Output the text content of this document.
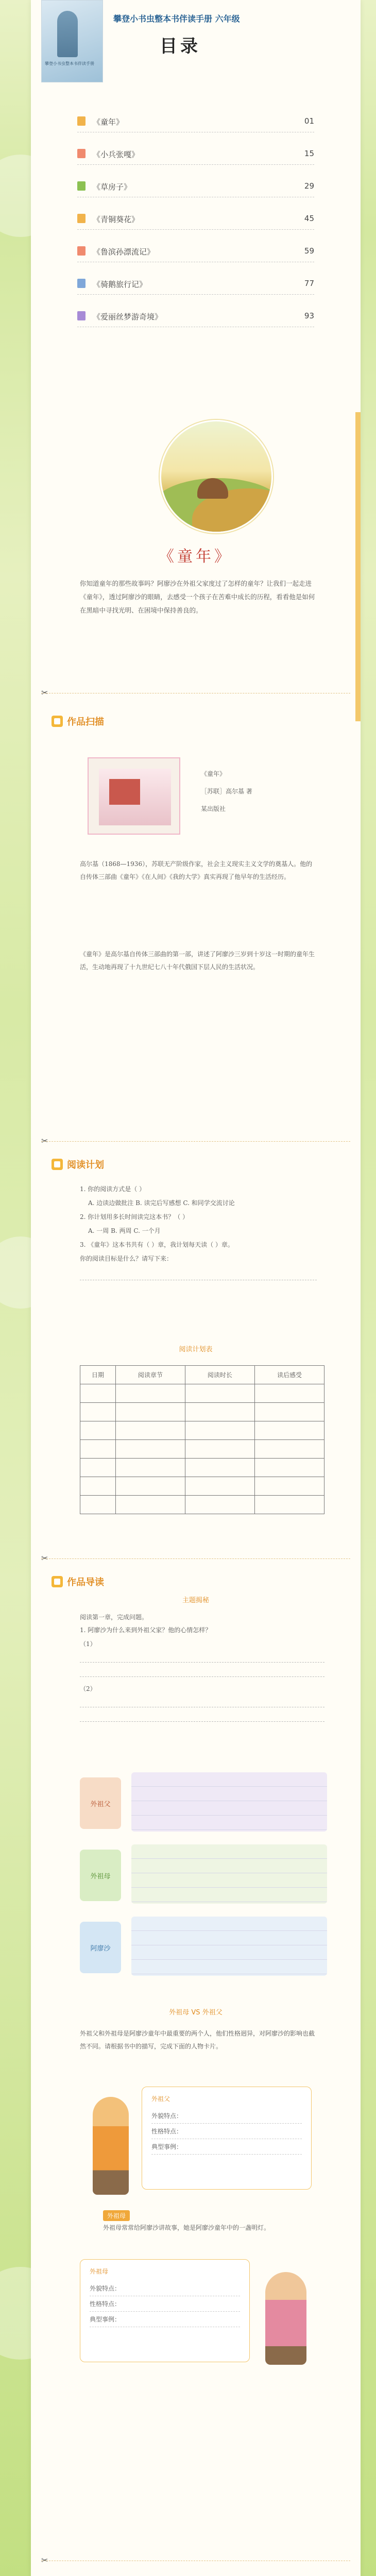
攀登小书虫整本书伴读手册
攀登小书虫整本书伴读手册 六年级
目录
《童年》	01
《小兵张嘎》	15
《草房子》	29
《青铜葵花》	45
《鲁滨孙漂流记》	59
《骑鹅旅行记》	77
《爱丽丝梦游奇境》	93
《童年》
你知道童年的那些故事吗？阿廖沙在外祖父家度过了怎样的童年？让我们一起走进《童年》，透过阿廖沙的眼睛，去感受一个孩子在苦难中成长的历程，看看他是如何在黑暗中寻找光明、在困境中保持善良的。
✂
作品扫描
《童年》
［苏联］高尔基 著
某出版社
高尔基（1868—1936），苏联无产阶级作家，社会主义现实主义文学的奠基人。他的自传体三部曲《童年》《在人间》《我的大学》真实再现了他早年的生活经历。
《童年》是高尔基自传体三部曲的第一部，讲述了阿廖沙三岁到十岁这一时期的童年生活，生动地再现了十九世纪七八十年代俄国下层人民的生活状况。
✂
阅读计划
1. 你的阅读方式是（ ）
A. 边读边做批注 B. 读完后写感想 C. 和同学交流讨论
2. 你计划用多长时间读完这本书？（ ）
A. 一周 B. 两周 C. 一个月
3. 《童年》这本书共有（ ）章，我计划每天读（ ）章。
你的阅读目标是什么？请写下来：
阅读计划表
日期	阅读章节	阅读时长	读后感受

✂
作品导读
主题揭秘
阅读第一章，完成问题。
1. 阿廖沙为什么来到外祖父家？他的心情怎样？
（1）
（2）
外祖父
外祖母
阿廖沙
外祖母 VS 外祖父
外祖父和外祖母是阿廖沙童年中最重要的两个人，他们性格迥异，对阿廖沙的影响也截然不同。请根据书中的描写，完成下面的人物卡片。
外祖父
外貌特点：
性格特点：
典型事例：
外祖母
外祖母常常给阿廖沙讲故事，她是阿廖沙童年中的一盏明灯。
外祖母
外貌特点：
性格特点：
典型事例：
✂
